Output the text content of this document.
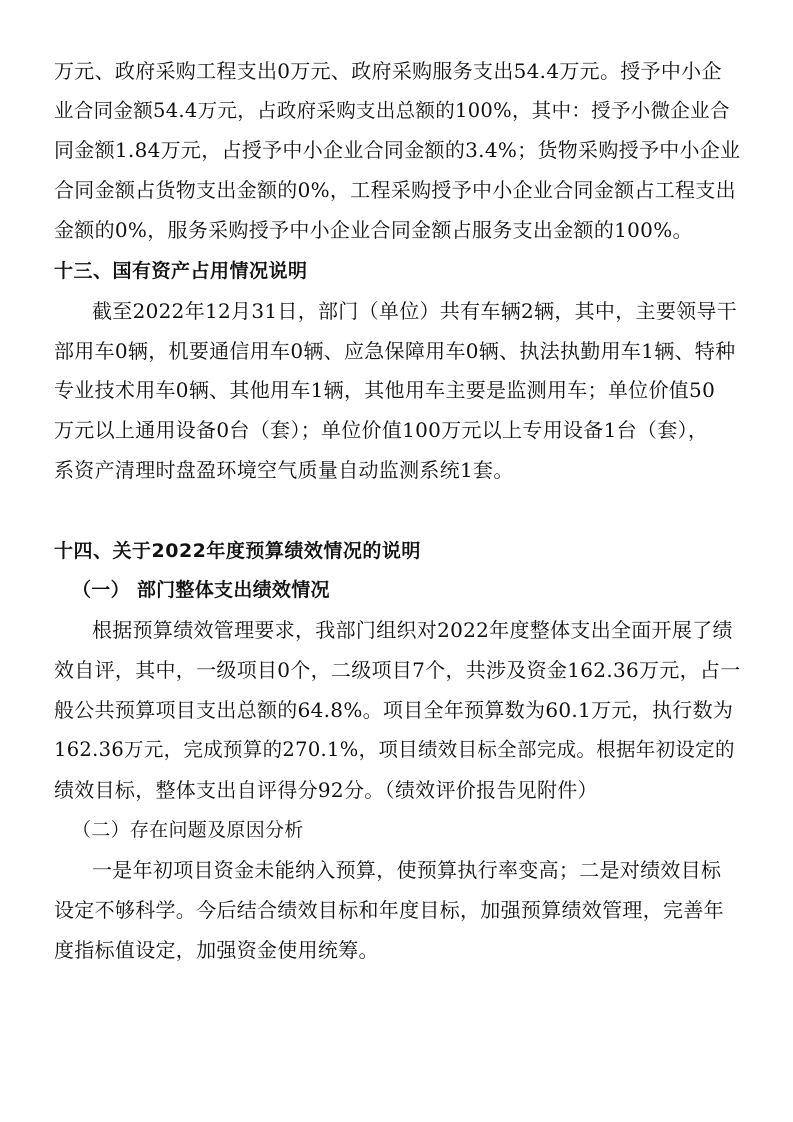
万元、政府采购工程支出0万元、政府采购服务支出54.4万元。授予中小企
业合同金额54.4万元，占政府采购支出总额的100%，其中：授予小微企业合
同金额1.84万元，占授予中小企业合同金额的3.4%；货物采购授予中小企业
合同金额占货物支出金额的0%，工程采购授予中小企业合同金额占工程支出
金额的0%，服务采购授予中小企业合同金额占服务支出金额的100%。
十三、国有资产占用情况说明
截至2022年12月31日，部门（单位）共有车辆2辆，其中，主要领导干
部用车0辆，机要通信用车0辆、应急保障用车0辆、执法执勤用车1辆、特种
专业技术用车0辆、其他用车1辆，其他用车主要是监测用车；单位价值50
万元以上通用设备0台（套）；单位价值100万元以上专用设备1台（套），
系资产清理时盘盈环境空气质量自动监测系统1套。
十四、关于2022年度预算绩效情况的说明
（一） 部门整体支出绩效情况
根据预算绩效管理要求，我部门组织对2022年度整体支出全面开展了绩
效自评，其中，一级项目0个，二级项目7个，共涉及资金162.36万元，占一
般公共预算项目支出总额的64.8%。项目全年预算数为60.1万元，执行数为
162.36万元，完成预算的270.1%，项目绩效目标全部完成。根据年初设定的
绩效目标，整体支出自评得分92分。（绩效评价报告见附件）
（二）存在问题及原因分析
一是年初项目资金未能纳入预算，使预算执行率变高；二是对绩效目标
设定不够科学。今后结合绩效目标和年度目标，加强预算绩效管理，完善年
度指标值设定，加强资金使用统筹。
